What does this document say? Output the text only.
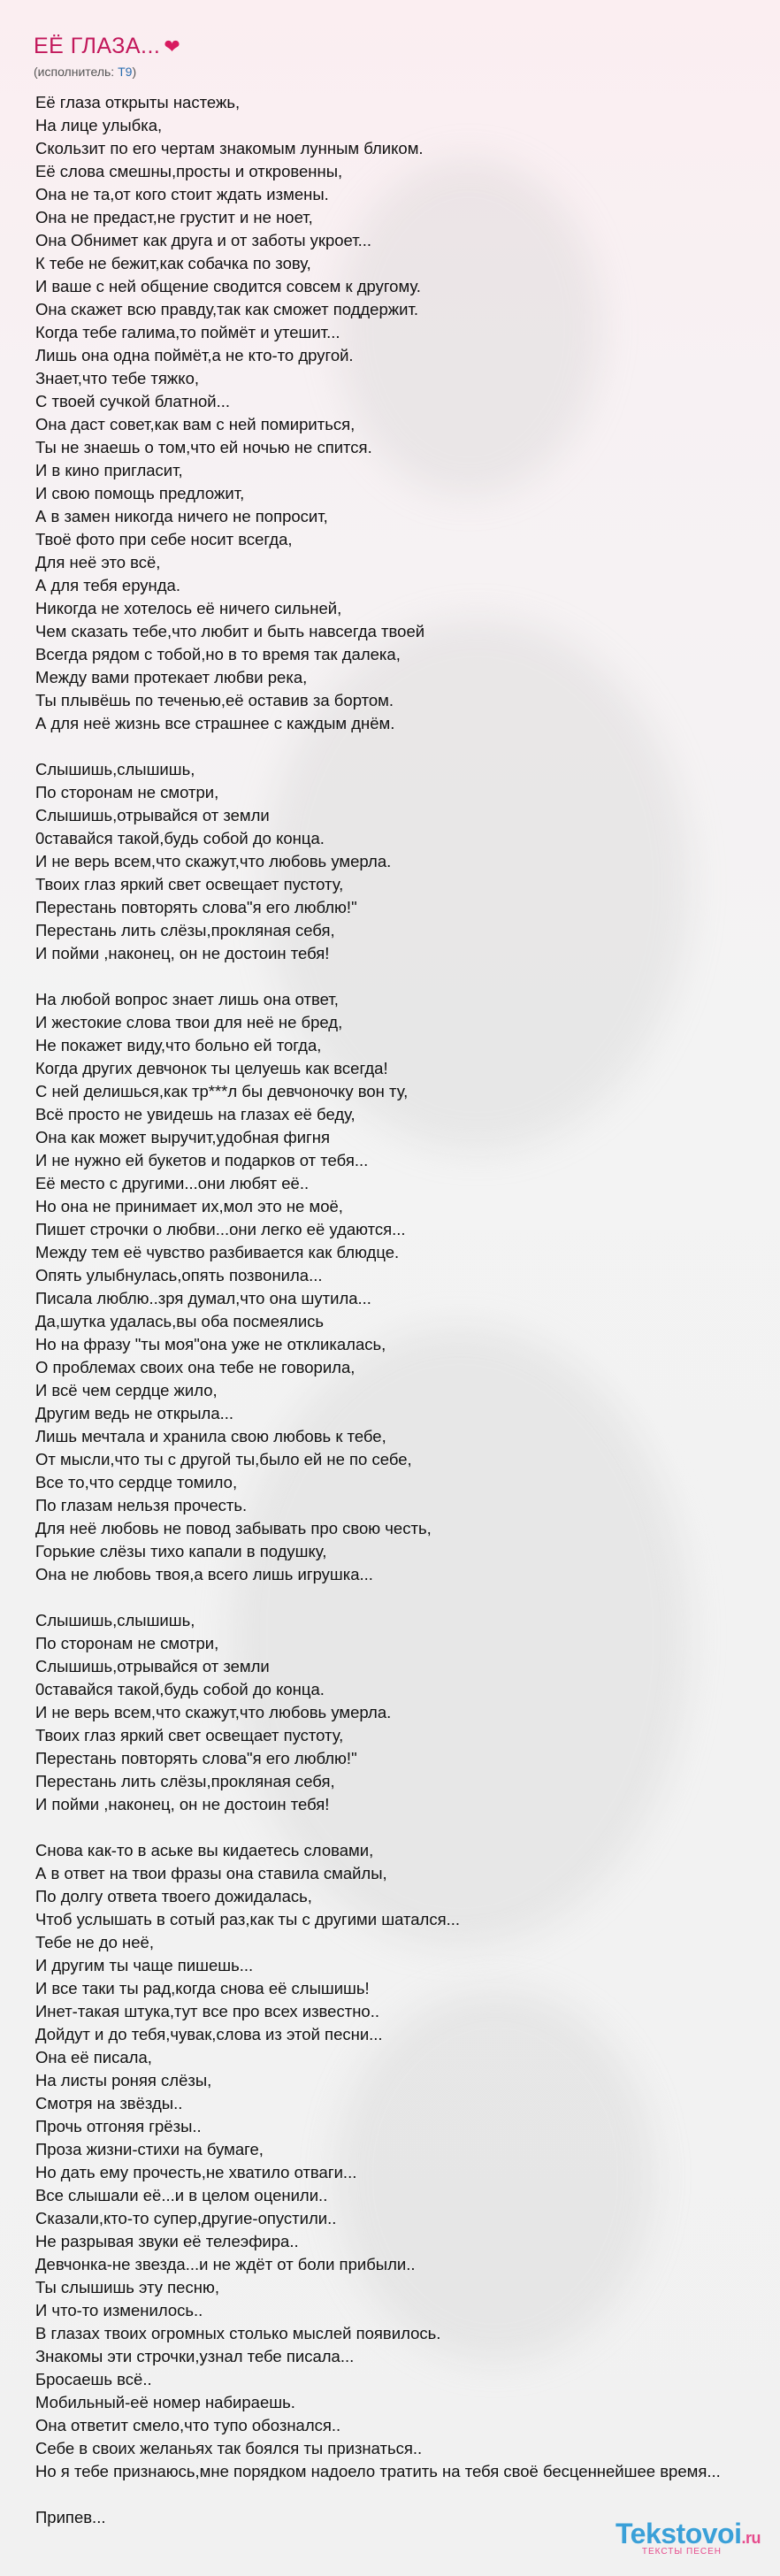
ЕЁ ГЛАЗА... ❤
(исполнитель: T9)
Её глаза открыты настежь,
На лице улыбка,
Скользит по его чертам знакомым лунным бликом.
Её слова смешны,просты и откровенны,
Она не та,от кого стоит ждать измены.
Она не предаст,не грустит и не ноет,
Она Обнимет как друга и от заботы укроет...
К тебе не бежит,как собачка по зову,
И ваше с ней общение сводится совсем к другому.
Она скажет всю правду,так как сможет поддержит.
Когда тебе галима,то поймёт и утешит...
Лишь она одна поймёт,а не кто-то другой.
Знает,что тебе тяжко,
С твоей сучкой блатной...
Она даст совет,как вам с ней помириться,
Ты не знаешь о том,что ей ночью не спится.
И в кино пригласит,
И свою помощь предложит,
А в замен никогда ничего не попросит,
Твоё фото при себе носит всегда,
Для неё это всё,
А для тебя ерунда.
Никогда не хотелось её ничего сильней,
Чем сказать тебе,что любит и быть навсегда твоей
Всегда рядом с тобой,но в то время так далека,
Между вами протекает любви река,
Ты плывёшь по теченью,её оставив за бортом.
А для неё жизнь все страшнее с каждым днём.
Слышишь,слышишь,
По сторонам не смотри,
Слышишь,отрывайся от земли
0ставайся такой,будь собой до конца.
И не верь всем,что скажут,что любовь умерла.
Твоих глаз яркий свет освещает пустоту,
Перестань повторять слова"я его люблю!"
Перестань лить слёзы,прокляная себя,
И пойми ,наконец, он не достоин тебя!
На любой вопрос знает лишь она ответ,
И жестокие слова твои для неё не бред,
Не покажет виду,что больно ей тогда,
Когда других девчонок ты целуешь как всегда!
С ней делишься,как тр***л бы девчоночку вон ту,
Всё просто не увидешь на глазах её беду,
Она как может выручит,удобная фигня
И не нужно ей букетов и подарков от тебя...
Её место с другими...они любят её..
Но она не принимает их,мол это не моё,
Пишет строчки о любви...они легко её удаются...
Между тем её чувство разбивается как блюдце.
Опять улыбнулась,опять позвонила...
Писала люблю..зря думал,что она шутила...
Да,шутка удалась,вы оба посмеялись
Но на фразу "ты моя"она уже не откликалась,
О проблемах своих она тебе не говорила,
И всё чем сердце жило,
Другим ведь не открыла...
Лишь мечтала и хранила свою любовь к тебе,
От мысли,что ты с другой ты,было ей не по себе,
Все то,что сердце томило,
По глазам нельзя прочесть.
Для неё любовь не повод забывать про свою честь,
Горькие слёзы тихо капали в подушку,
Она не любовь твоя,а всего лишь игрушка...
Слышишь,слышишь,
По сторонам не смотри,
Слышишь,отрывайся от земли
0ставайся такой,будь собой до конца.
И не верь всем,что скажут,что любовь умерла.
Твоих глаз яркий свет освещает пустоту,
Перестань повторять слова"я его люблю!"
Перестань лить слёзы,прокляная себя,
И пойми ,наконец, он не достоин тебя!
Снова как-то в аське вы кидаетесь словами,
А в ответ на твои фразы она ставила смайлы,
По долгу ответа твоего дожидалась,
Чтоб услышать в сотый раз,как ты с другими шатался...
Тебе не до неё,
И другим ты чаще пишешь...
И все таки ты рад,когда снова её слышишь!
Инет-такая штука,тут все про всех известно..
Дойдут и до тебя,чувак,слова из этой песни...
Она её писала,
На листы роняя слёзы,
Смотря на звёзды..
Прочь отгоняя грёзы..
Проза жизни-стихи на бумаге,
Но дать ему прочесть,не хватило отваги...
Все слышали её...и в целом оценили..
Сказали,кто-то супер,другие-опустили..
Не разрывая звуки её телеэфира..
Девчонка-не звезда...и не ждёт от боли прибыли..
Ты слышишь эту песню,
И что-то изменилось..
В глазах твоих огромных столько мыслей появилось.
Знакомы эти строчки,узнал тебе писала...
Бросаешь всё..
Мобильный-её номер набираешь.
Она ответит смело,что тупо обознался..
Себе в своих желаньях так боялся ты признаться..
Но я тебе признаюсь,мне порядком надоело тратить на тебя своё бесценнейшее время...
Припев...
Tekstovoi.ru
ТЕКСТЫ ПЕСЕН
